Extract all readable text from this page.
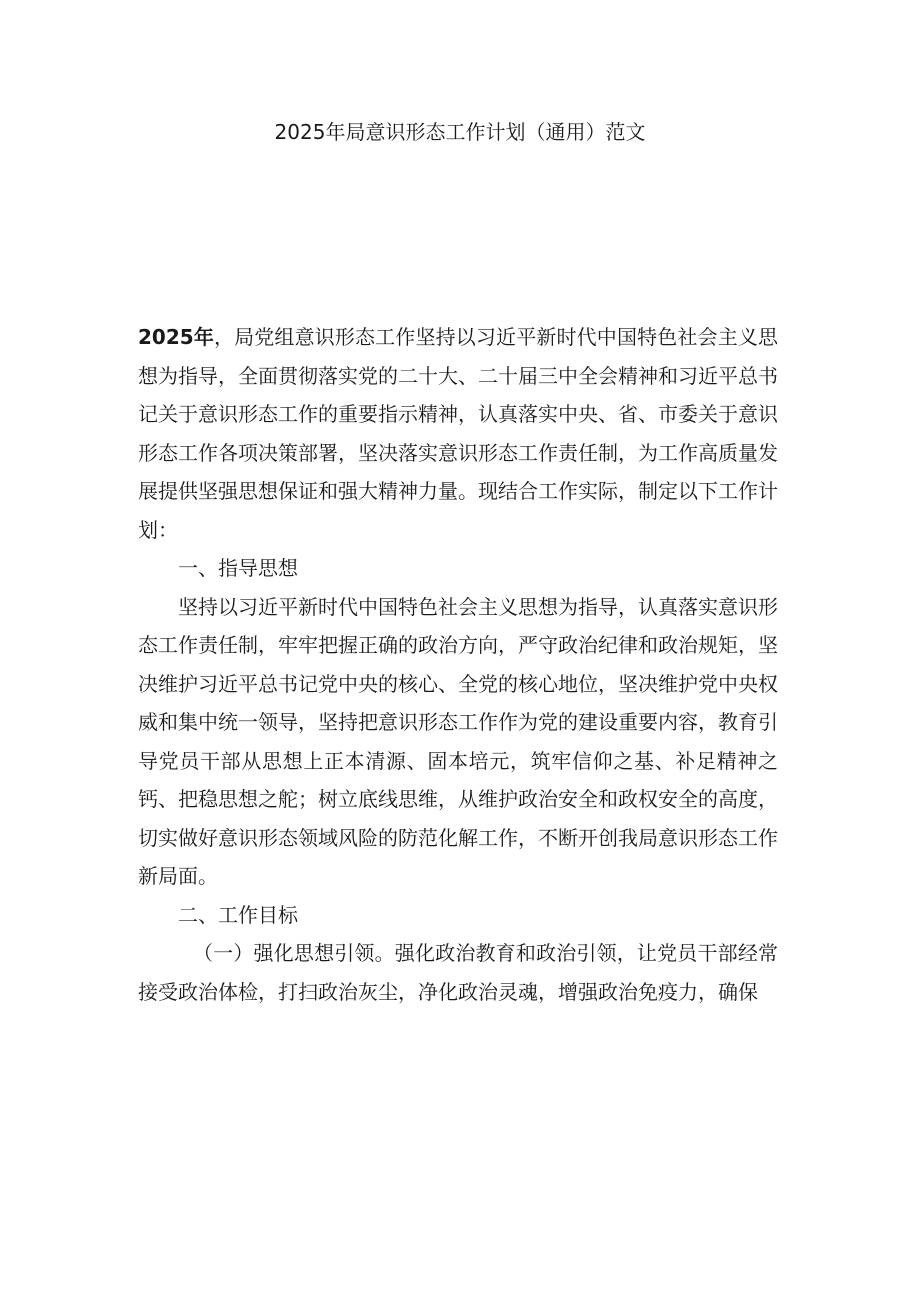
2025年局意识形态工作计划（通用）范文

2025年，局党组意识形态工作坚持以习近平新时代中国特色社会主义思想为指导，全面贯彻落实党的二十大、二十届三中全会精神和习近平总书记关于意识形态工作的重要指示精神，认真落实中央、省、市委关于意识形态工作各项决策部署，坚决落实意识形态工作责任制，为工作高质量发展提供坚强思想保证和强大精神力量。现结合工作实际，制定以下工作计划：

一、指导思想

坚持以习近平新时代中国特色社会主义思想为指导，认真落实意识形态工作责任制，牢牢把握正确的政治方向，严守政治纪律和政治规矩，坚决维护习近平总书记党中央的核心、全党的核心地位，坚决维护党中央权威和集中统一领导，坚持把意识形态工作作为党的建设重要内容，教育引导党员干部从思想上正本清源、固本培元，筑牢信仰之基、补足精神之钙、把稳思想之舵；树立底线思维，从维护政治安全和政权安全的高度，切实做好意识形态领域风险的防范化解工作，不断开创我局意识形态工作新局面。

二、工作目标

（一）强化思想引领。强化政治教育和政治引领，让党员干部经常接受政治体检，打扫政治灰尘，净化政治灵魂，增强政治免疫力，确保
